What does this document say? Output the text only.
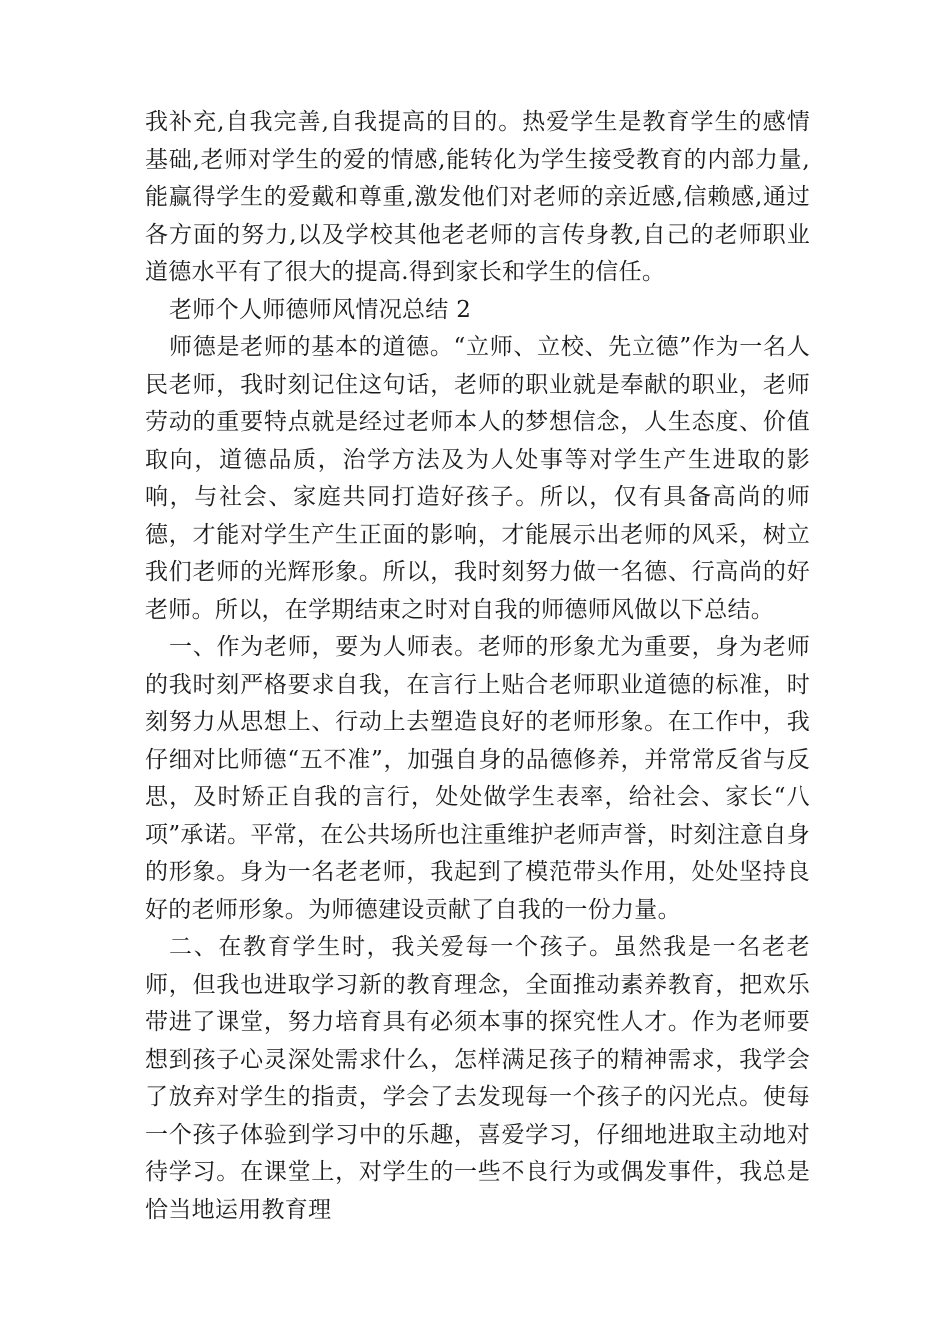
我补充,自我完善,自我提高的目的。热爱学生是教育学生的感情基础,老师对学生的爱的情感,能转化为学生接受教育的内部力量,能赢得学生的爱戴和尊重,激发他们对老师的亲近感,信赖感,通过各方面的努力,以及学校其他老老师的言传身教,自己的老师职业道德水平有了很大的提高.得到家长和学生的信任。

老师个人师德师风情况总结 2

师德是老师的基本的道德。“立师、立校、先立德”作为一名人民老师，我时刻记住这句话，老师的职业就是奉献的职业，老师劳动的重要特点就是经过老师本人的梦想信念，人生态度、价值取向，道德品质，治学方法及为人处事等对学生产生进取的影响，与社会、家庭共同打造好孩子。所以，仅有具备高尚的师德，才能对学生产生正面的影响，才能展示出老师的风采，树立我们老师的光辉形象。所以，我时刻努力做一名德、行高尚的好老师。所以，在学期结束之时对自我的师德师风做以下总结。

一、作为老师，要为人师表。老师的形象尤为重要，身为老师的我时刻严格要求自我，在言行上贴合老师职业道德的标准，时刻努力从思想上、行动上去塑造良好的老师形象。在工作中，我仔细对比师德“五不准”，加强自身的品德修养，并常常反省与反思，及时矫正自我的言行，处处做学生表率，给社会、家长“八项”承诺。平常，在公共场所也注重维护老师声誉，时刻注意自身的形象。身为一名老老师，我起到了模范带头作用，处处坚持良好的老师形象。为师德建设贡献了自我的一份力量。

二、在教育学生时，我关爱每一个孩子。虽然我是一名老老师，但我也进取学习新的教育理念，全面推动素养教育，把欢乐带进了课堂，努力培育具有必须本事的探究性人才。作为老师要想到孩子心灵深处需求什么，怎样满足孩子的精神需求，我学会了放弃对学生的指责，学会了去发现每一个孩子的闪光点。使每一个孩子体验到学习中的乐趣，喜爱学习，仔细地进取主动地对待学习。在课堂上，对学生的一些不良行为或偶发事件，我总是恰当地运用教育理
